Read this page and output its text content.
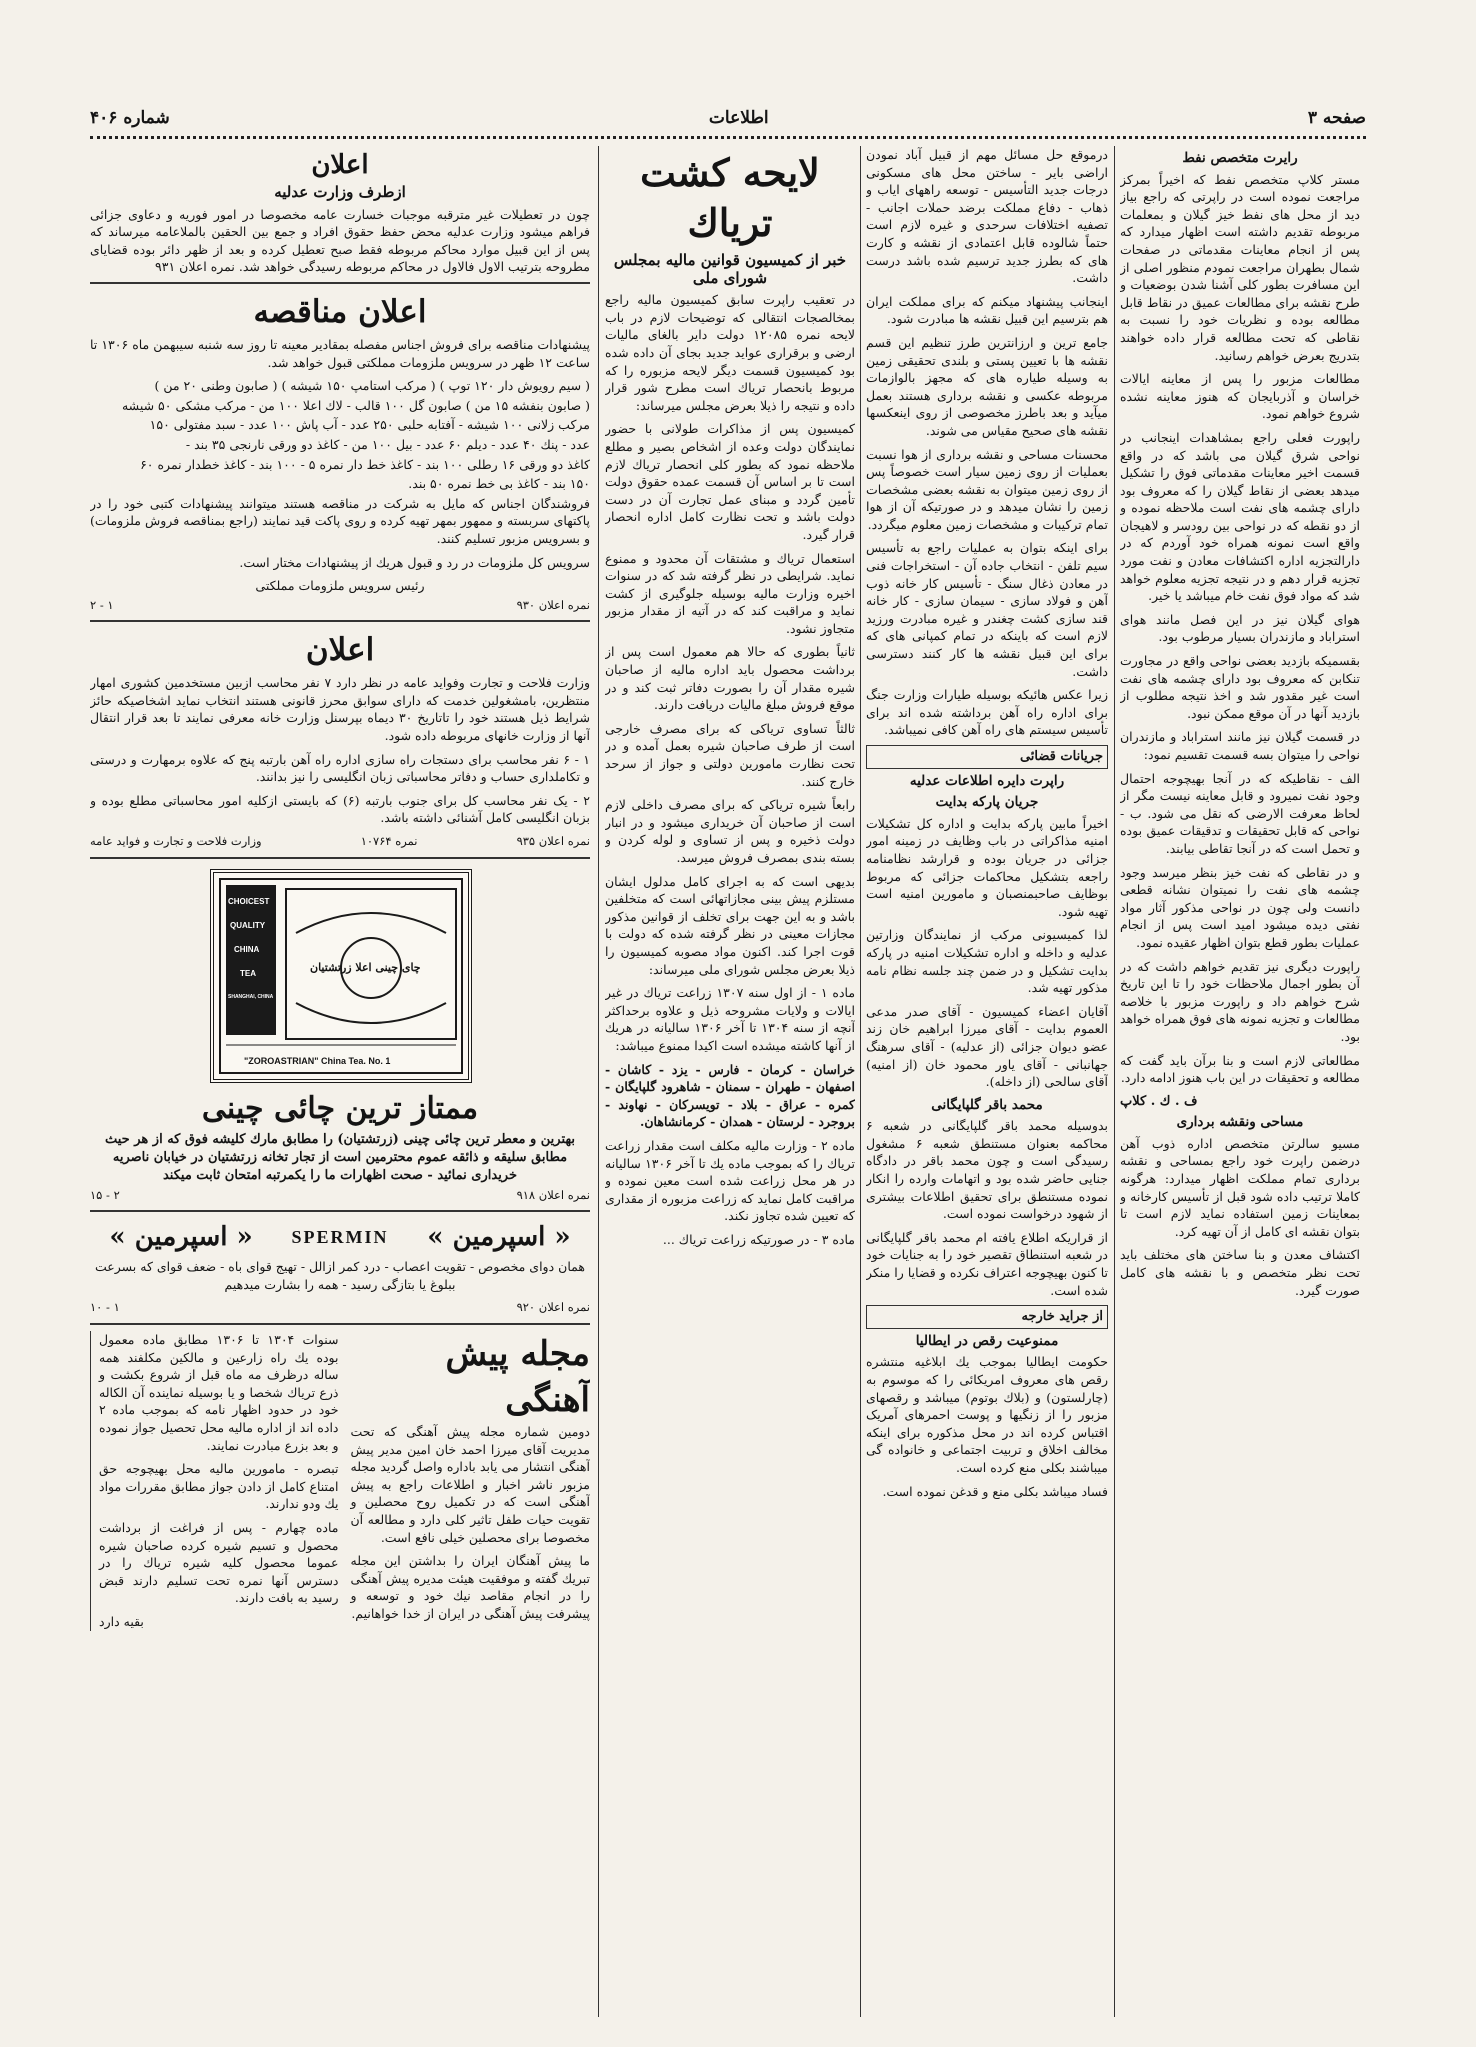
صفحه ۳
اطلاعات
شماره ۴۰۶
رایرت متخصص نفط

مستر کلاپ متخصص نفط که اخیراً بمرکز مراجعت نموده است در راپرتی که راجع بیاز دید از محل های نفط خیز گیلان و بمعلمات مربوطه تقدیم داشته است اظهار میدارد که پس از انجام معاینات مقدماتی در صفحات شمال بطهران مراجعت نمودم منظور اصلی از این مسافرت بطور کلی آشنا شدن بوضعیات و طرح نقشه برای مطالعات عمیق در نقاط قابل مطالعه بوده و نظریات خود را نسبت به نقاطی که تحت مطالعه قرار داده خواهند بتدریج بعرض خواهم رسانید.

مطالعات مزبور را پس از معاینه ایالات خراسان و آذربایجان که هنوز معاینه نشده شروع خواهم نمود.

راپورت فعلی راجع بمشاهدات اینجانب در نواحی شرق گیلان می باشد که در واقع قسمت اخیر معاینات مقدماتی فوق را تشکیل میدهد بعضی از نقاط گیلان را که معروف بود دارای چشمه های نفت است ملاحظه نموده و از دو نقطه که در نواحی بین رودسر و لاهیجان واقع است نمونه همراه خود آوردم که در دارالتجزیه اداره اکتشافات معادن و نفت مورد تجزیه قرار دهم و در نتیجه تجزیه معلوم خواهد شد که مواد فوق نفت خام میباشد یا خیر.

هوای گیلان نیز در این فصل مانند هوای استراباد و مازندران بسیار مرطوب بود.

بقسمیکه بازدید بعضی نواحی واقع در مجاورت تنکابن که معروف بود دارای چشمه های نفت است غیر مقدور شد و اخذ نتیجه مطلوب از بازدید آنها در آن موقع ممکن نبود.

در قسمت گیلان نیز مانند استراباد و مازندران نواحی را میتوان بسه قسمت تقسیم نمود:

الف - نقاطیکه که در آنجا بهیچوجه احتمال وجود نفت نمیرود و قابل معاینه نیست مگر از لحاظ معرفت الارضی که نقل می شود. ب - نواحی که قابل تحقیقات و تدقیقات عمیق بوده و تحمل است که در آنجا تقاطی بیابند.

و در نقاطی که نفت خیز بنظر میرسد وجود چشمه های نفت را نمیتوان نشانه قطعی دانست ولی چون در نواحی مذکور آثار مواد نفتی دیده میشود امید است پس از انجام عملیات بطور قطع بتوان اظهار عقیده نمود.

راپورت دیگری نیز تقدیم خواهم داشت که در آن بطور اجمال ملاحظات خود را تا این تاریخ شرح خواهم داد و راپورت مزبور با خلاصه مطالعات و تجزیه نمونه های فوق همراه خواهد بود.

مطالعاتی لازم است و بنا برآن باید گفت که مطالعه و تحقیقات در این باب هنوز ادامه دارد.

ف . ك . كلاپ
مساحی ونقشه برداری

مسیو سالرتن متخصص اداره ذوب آهن درضمن راپرت خود راجع بمساحی و نقشه برداری تمام مملکت اظهار میدارد: هرگونه کاملا ترتیب داده شود قبل از تأسیس کارخانه و بمعاینات زمین استفاده نماید لازم است تا بتوان نقشه ای کامل از آن تهیه کرد.

اکتشاف معدن و بنا ساختن های مختلف باید تحت نظر متخصص و با نقشه های کامل صورت گیرد.

درموقع حل مسائل مهم از قبیل آباد نمودن اراضی بایر - ساختن محل های مسکونی درجات جدید التأسیس - توسعه راههای ایاب و ذهاب - دفاع مملکت برضد حملات اجانب - تصفیه اختلافات سرحدی و غیره لازم است حتماً شالوده قابل اعتمادی از نقشه و کارت های که بطرز جدید ترسیم شده باشد درست داشت.

اینجانب پیشنهاد میکنم که برای مملکت ایران هم بترسیم این قبیل نقشه ها مبادرت شود.

جامع ترین و ارزانترین طرز تنظیم این قسم نقشه ها با تعیین پستی و بلندی تحقیقی زمین به وسیله طیاره های که مجهز بالوازمات مربوطه عکسی و نقشه برداری هستند بعمل میآید و بعد باطرز مخصوصی از روی اینعکسها نقشه های صحیح مقیاس می شوند.

محسنات مساحی و نقشه برداری از هوا نسبت بعملیات از روی زمین سیار است خصوصاً پس از روی زمین میتوان به نقشه بعضی مشخصات زمین را نشان میدهد و در صورتیکه آن از هوا تمام ترکیبات و مشخصات زمین معلوم میگردد.

برای اینکه بتوان به عملیات راجع به تأسیس سیم تلفن - انتخاب جاده آن - استخراجات فنی در معادن ذغال سنگ - تأسیس کار خانه ذوب آهن و فولاد سازی - سیمان سازی - کار خانه قند سازی کشت چغندر و غیره مبادرت ورزید لازم است که باینکه در تمام کمپانی های که برای این قبیل نقشه ها کار کنند دسترسی داشت.

زیرا عکس هائیکه بوسیله طیارات وزارت جنگ برای اداره راه آهن برداشته شده اند برای تأسیس سیستم های راه آهن کافی نمیباشد.

جریانات قضائی
راپرت دایره اطلاعات عدلیه
جریان پارکه بدایت

اخیراً مابین پارکه بدایت و اداره کل تشکیلات امنیه مذاکراتی در باب وظایف در زمینه امور جزائی در جریان بوده و قرارشد نظامنامه راجعه بتشکیل محاکمات جزائی که مربوط بوظایف صاحبمنصبان و مامورین امنیه است تهیه شود.

لذا کمیسیونی مرکب از نمایندگان وزارتین عدلیه و داخله و اداره تشکیلات امنیه در پارکه بدایت تشکیل و در ضمن چند جلسه نظام نامه مذکور تهیه شد.

آقایان اعضاء کمیسیون - آقای صدر مدعی العموم بدایت - آقای میرزا ابراهیم خان زند عضو دیوان جزائی (از عدلیه) - آقای سرهنگ جهانبانی - آقای یاور محمود خان (از امنیه) آقای سالحی (از داخله).

محمد باقر گلپایگانی

بدوسیله محمد باقر گلپایگانی در شعبه ۶ محاکمه بعنوان مستنطق شعبه ۶ مشغول رسیدگی است و چون محمد باقر در دادگاه جنایی حاضر شده بود و اتهامات وارده را انکار نموده مستنطق برای تحقیق اطلاعات بیشتری از شهود درخواست نموده است.

از قراریکه اطلاع یافته ام محمد باقر گلپایگانی در شعبه استنطاق تقصیر خود را به جنایات خود تا کنون بهیچوجه اعتراف نکرده و قضایا را منکر شده است.

از جراید خارجه
ممنوعیت رقص در ایطالیا

حکومت ایطالیا بموجب یك ابلاغیه منتشره رقص های معروف امریکائی را که موسوم به (چارلستون) و (بلاك بوتوم) میباشد و رقصهای مزبور را از زنگیها و پوست احمرهای آمریک اقتباس کرده اند در محل مذکوره برای اینکه مخالف اخلاق و تربیت اجتماعی و خانواده گی میباشند بکلی منع کرده است.

فساد میباشد بکلی منع و قدغن نموده است.

لایحه کشت تریاك
خبر از کمیسیون قوانین مالیه بمجلس شورای ملی

در تعقیب راپرت سابق کمیسیون مالیه راجع بمخالصجات انتقالی که توضیحات لازم در باب لایحه نمره ۱۲۰۸۵ دولت دایر بالغای مالیات ارضی و برقراری عواید جدید بجای آن داده شده بود کمیسیون قسمت دیگر لایحه مزبوره را که مربوط بانحصار تریاك است مطرح شور قرار داده و نتیجه را ذیلا بعرض مجلس میرساند:

کمیسیون پس از مذاکرات طولانی با حضور نمایندگان دولت وعده از اشخاص بصیر و مطلع ملاحظه نمود که بطور کلی انحصار تریاك لازم است تا بر اساس آن قسمت عمده حقوق دولت تأمین گردد و مبنای عمل تجارت آن در دست دولت باشد و تحت نظارت کامل اداره انحصار قرار گیرد.

استعمال تریاك و مشتقات آن محدود و ممنوع نماید. شرایطی در نظر گرفته شد که در سنوات اخیره وزارت مالیه بوسیله جلوگیری از کشت نماید و مراقبت کند که در آتیه از مقدار مزبور متجاوز نشود.

ثانیاً بطوری که حالا هم معمول است پس از برداشت محصول باید اداره مالیه از صاحبان شیره مقدار آن را بصورت دفاتر ثبت کند و در موقع فروش مبلغ مالیات دریافت دارند.

ثالثاً تساوی تریاکی که برای مصرف خارجی است از طرف صاحبان شیره بعمل آمده و در تحت نظارت مامورین دولتی و جواز از سرحد خارج کنند.

رابعاً شیره تریاکی که برای مصرف داخلی لازم است از صاحبان آن خریداری میشود و در انبار دولت ذخیره و پس از تساوی و لوله کردن و بسته بندی بمصرف فروش میرسد.

بدیهی است که به اجرای کامل مدلول ایشان مستلزم پیش بینی مجازاتهائی است که متخلفین باشد و به این جهت برای تخلف از قوانین مذکور مجازات معینی در نظر گرفته شده که دولت با قوت اجرا کند. اکنون مواد مصوبه کمیسیون را ذیلا بعرض مجلس شورای ملی میرساند:

ماده ۱ - از اول سنه ۱۳۰۷ زراعت تریاك در غیر ایالات و ولایات مشروحه ذیل و علاوه برحداکثر آنچه از سنه ۱۳۰۴ تا آخر ۱۳۰۶ سالیانه در هریك از آنها کاشته میشده است اکیدا ممنوع میباشد:

خراسان - کرمان - فارس - یزد - کاشان - اصفهان - طهران - سمنان - شاهرود گلپایگان - کمره - عراق - بلاد - تویسرکان - نهاوند - بروجرد - لرستان - همدان - کرمانشاهان.

ماده ۲ - وزارت مالیه مکلف است مقدار زراعت تریاك را که بموجب ماده یك تا آخر ۱۳۰۶ سالیانه در هر محل زراعت شده است معین نموده و مراقبت کامل نماید که زراعت مزبوره از مقداری که تعیین شده تجاوز نکند.

ماده ۳ - در صورتیکه زراعت تریاك ...

اعلان
ازطرف وزارت عدلیه

چون در تعطیلات غیر مترقبه موجبات خسارت عامه مخصوصا در امور فوریه و دعاوی جزائی فراهم میشود وزارت عدلیه محض حفظ حقوق افراد و جمع بین الحقین بالملاعامه میرساند که پس از این قبیل موارد محاکم مربوطه فقط صبح تعطیل کرده و بعد از ظهر دائر بوده قضایای مطروحه بترتیب الاول فالاول در محاکم مربوطه رسیدگی خواهد شد. نمره اعلان ۹۳۱

اعلان مناقصه

پیشنهادات مناقصه برای فروش اجناس مفصله بمقادیر معینه تا روز سه شنبه سیبهمن ماه ۱۳۰۶ تا ساعت ۱۲ ظهر در سرویس ملزومات مملکتی قبول خواهد شد.

( سیم رویوش دار ۱۲۰ توپ ) ( مرکب استامپ ۱۵۰ شیشه ) ( صابون وطنی ۲۰ من )
( صابون بنفشه ۱۵ من ) صابون گل ۱۰۰ قالب - لاك اعلا ۱۰۰ من - مرکب مشکی ۵۰ شیشه
مرکب زلانی ۱۰۰ شیشه - آفتابه حلبی ۲۵۰ عدد - آب پاش ۱۰۰ عدد - سبد مفتولی ۱۵۰
عدد - پنك ۴۰ عدد - دیلم ۶۰ عدد - بیل ۱۰۰ من - کاغذ دو ورقی نارنجی ۳۵ بند -
کاغذ دو ورقی ۱۶ رطلی ۱۰۰ بند - کاغذ خط دار نمره ۵ - ۱۰۰ بند - کاغذ خطدار نمره ۶۰
۱۵۰ بند - کاغذ بی خط نمره ۵۰ بند.

فروشندگان اجناس که مایل به شرکت در مناقصه هستند میتوانند پیشنهادات کتبی خود را در پاکتهای سربسته و ممهور بمهر تهیه کرده و روی پاکت قید نمایند (راجع بمناقصه فروش ملزومات) و بسرویس مزبور تسلیم کنند.

سرویس کل ملزومات در رد و قبول هریك از پیشنهادات مختار است.

رئیس سرویس ملزومات مملکتی
نمره اعلان ۹۳۰
۱ - ۲
اعلان

وزارت فلاحت و تجارت وفواید عامه در نظر دارد ۷ نفر محاسب ازبین مستخدمین کشوری امهار منتظرین، بامشغولین خدمت که دارای سوابق محرز قانونی هستند انتخاب نماید اشخاصیکه حائز شرایط ذیل هستند خود را تاتاریخ ۳۰ دیماه بپرسنل وزارت خانه معرفی نمایند تا بعد قرار انتقال آنها از وزارت خانهای مربوطه داده شود.

۱ - ۶ نفر محاسب برای دستجات راه سازی اداره راه آهن بارتبه پنج که علاوه برمهارت و درستی و تکاملداری حساب و دفاتر محاسباتی زبان انگلیسی را نیز بدانند.

۲ - یک نفر محاسب کل برای جنوب بارتبه (۶) که بایستی ازکلیه امور محاسباتی مطلع بوده و بزبان انگلیسی کامل آشنائی داشته باشد.

نمره اعلان ۹۳۵
نمره ۱۰۷۶۴
وزارت فلاحت و تجارت و فواید عامه
CHOICEST
QUALITY
CHINA
TEA
SHANGHAI, CHINA
چای چینی اعلا زرتشتیان
"ZOROASTRIAN" China Tea. No. 1
ممتاز ترین چائی چینی
بهترین و معطر ترین چائی چینی (زرتشتیان) را مطابق مارك کلیشه فوق که از هر حیث مطابق سلیقه و ذائقه عموم محترمین است از تجار تخانه زرتشتیان در خیابان ناصریه خریداری نمائید - صحت اظهارات ما را یکمرتبه امتحان ثابت میکند
نمره اعلان ۹۱۸
۲ - ۱۵
« اسپرمین »
SPERMIN
« اسپرمین »

همان دوای مخصوص - تقویت اعصاب - درد کمر ازالل - تهیج قوای باه - ضعف قوای که بسرعت ببلوغ یا بتازگی رسید - همه را بشارت میدهیم

نمره اعلان ۹۲۰
۱ - ۱۰
مجله پیش آهنگی

دومین شماره مجله پیش آهنگی که تحت مدیریت آقای میرزا احمد خان امین مدیر پیش آهنگی انتشار می یابد باداره واصل گردید مجله مزبور ناشر اخبار و اطلاعات راجع به پیش آهنگی است که در تکمیل روح محصلین و تقویت حیات طفل تاثیر کلی دارد و مطالعه آن مخصوصا برای محصلین خیلی نافع است.

ما پیش آهنگان ایران را بداشتن این مجله تبریك گفته و موفقیت هیئت مدیره پیش آهنگی را در انجام مقاصد نیك خود و توسعه و پیشرفت پیش آهنگی در ایران از خدا خواهانیم.

سنوات ۱۳۰۴ تا ۱۳۰۶ مطابق ماده معمول بوده یك راه زارعین و مالکین مکلفند همه ساله درظرف مه ماه قبل از شروع بکشت و ذرع تریاك شخصا و یا بوسیله نماینده آن الکاله خود در حدود اظهار نامه که بموجب ماده ۲ داده اند از اداره مالیه محل تحصیل جواز نموده و بعد بزرع مبادرت نمایند.

تبصره - مامورین مالیه محل بهیچوجه حق امتناع کامل از دادن جواز مطابق مقررات مواد یك ودو ندارند.

ماده چهارم - پس از فراغت از برداشت محصول و تسیم شیره کرده صاحبان شیره عموما محصول کلیه شیره تریاك را در دسترس آنها نمره تحت تسلیم دارند قبض رسید به بافت دارند.

بقیه دارد
